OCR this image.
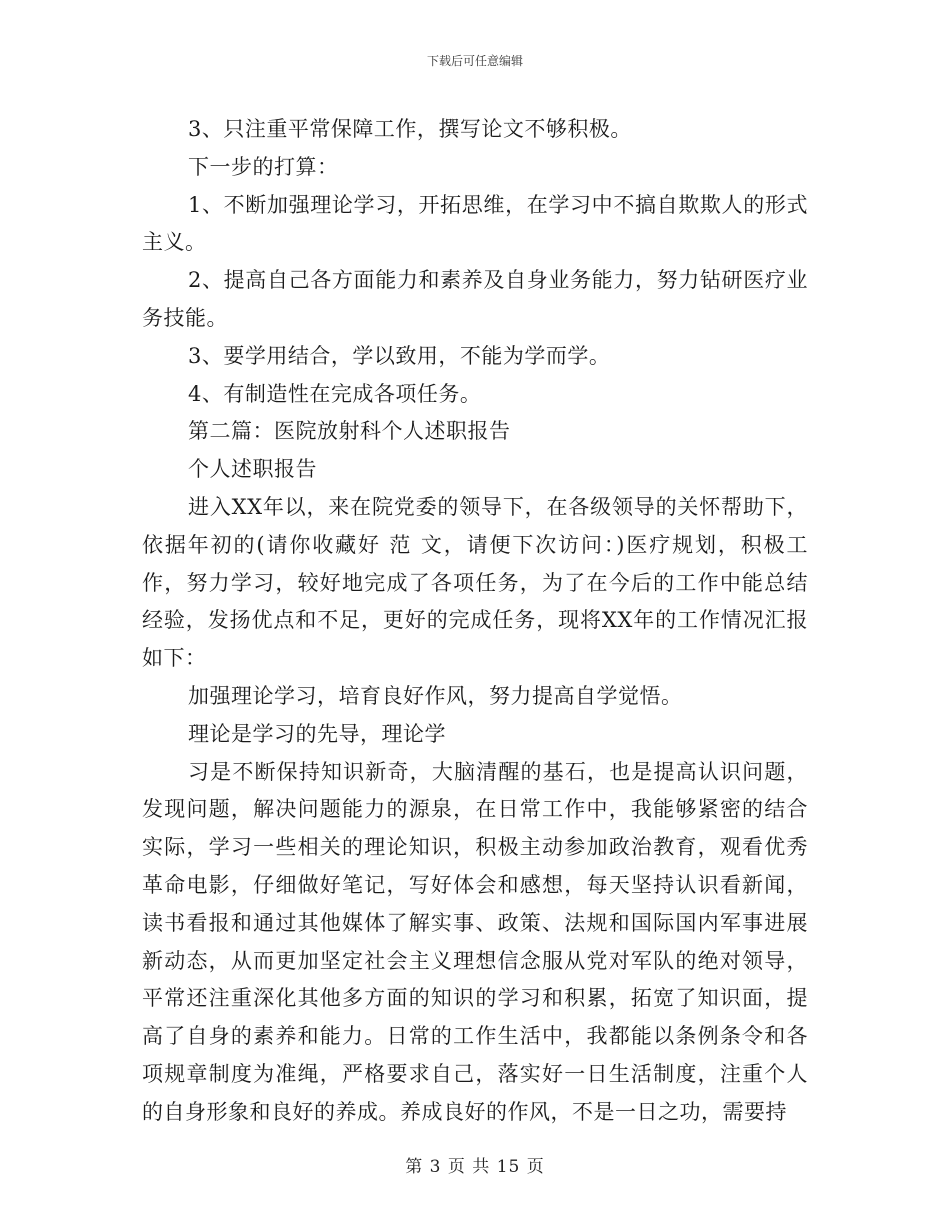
下载后可任意编辑

3、只注重平常保障工作，撰写论文不够积极。

下一步的打算：

1、不断加强理论学习，开拓思维，在学习中不搞自欺欺人的形式主义。

2、提高自己各方面能力和素养及自身业务能力，努力钻研医疗业务技能。

3、要学用结合，学以致用，不能为学而学。

4、有制造性在完成各项任务。

第二篇：医院放射科个人述职报告

个人述职报告

进入XX年以，来在院党委的领导下，在各级领导的关怀帮助下，依据年初的(请你收藏好 范 文，请便下次访问：)医疗规划，积极工作，努力学习，较好地完成了各项任务，为了在今后的工作中能总结经验，发扬优点和不足，更好的完成任务，现将XX年的工作情况汇报如下：

加强理论学习，培育良好作风，努力提高自学觉悟。

理论是学习的先导，理论学

习是不断保持知识新奇，大脑清醒的基石，也是提高认识问题，发现问题，解决问题能力的源泉，在日常工作中，我能够紧密的结合实际，学习一些相关的理论知识，积极主动参加政治教育，观看优秀革命电影，仔细做好笔记，写好体会和感想，每天坚持认识看新闻，读书看报和通过其他媒体了解实事、政策、法规和国际国内军事进展新动态，从而更加坚定社会主义理想信念服从党对军队的绝对领导，平常还注重深化其他多方面的知识的学习和积累，拓宽了知识面，提高了自身的素养和能力。日常的工作生活中，我都能以条例条令和各项规章制度为准绳，严格要求自己，落实好一日生活制度，注重个人的自身形象和良好的养成。养成良好的作风，不是一日之功，需要持

第 3 页 共 15 页
